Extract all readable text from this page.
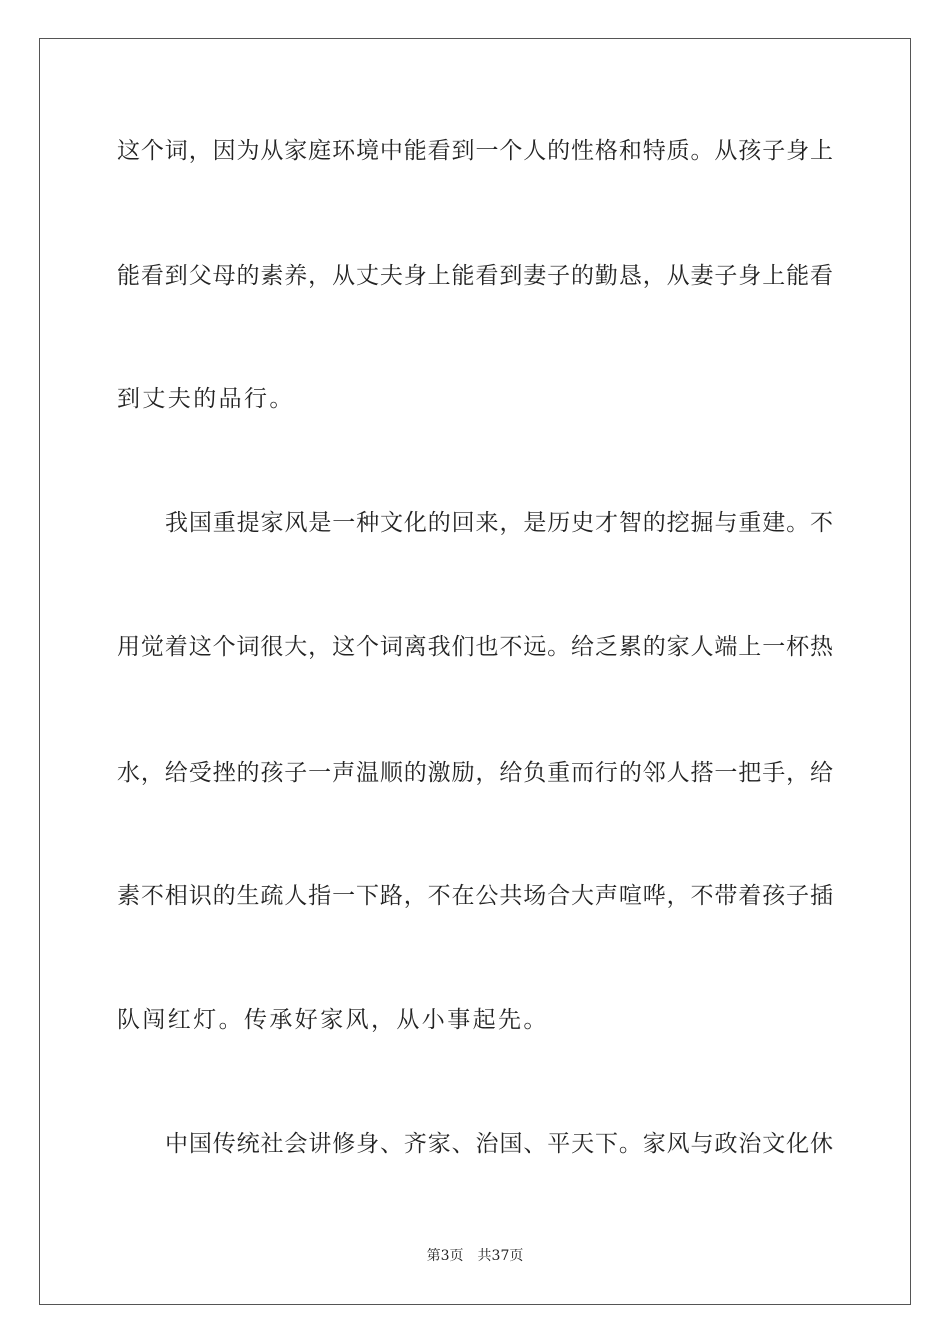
这个词，因为从家庭环境中能看到一个人的性格和特质。从孩子身上
能看到父母的素养，从丈夫身上能看到妻子的勤恳，从妻子身上能看
到丈夫的品行。
我国重提家风是一种文化的回来，是历史才智的挖掘与重建。不
用觉着这个词很大，这个词离我们也不远。给乏累的家人端上一杯热
水，给受挫的孩子一声温顺的激励，给负重而行的邻人搭一把手，给
素不相识的生疏人指一下路，不在公共场合大声喧哗，不带着孩子插
队闯红灯。传承好家风，从小事起先。
中国传统社会讲修身、齐家、治国、平天下。家风与政治文化休
第3页 共37页
